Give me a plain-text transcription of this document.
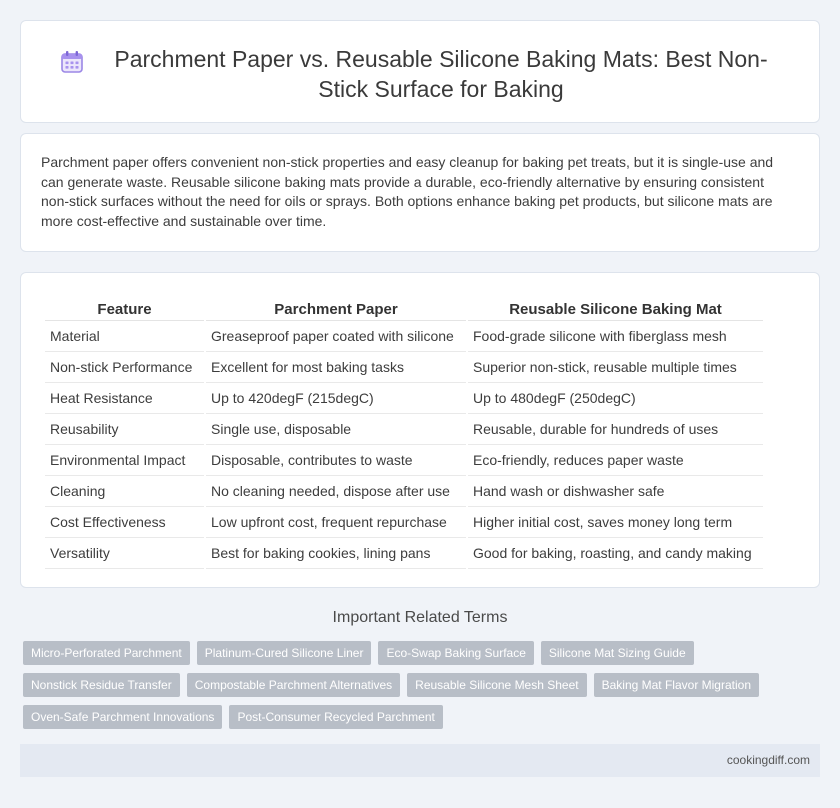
Parchment Paper vs. Reusable Silicone Baking Mats: Best Non-Stick Surface for Baking

Parchment paper offers convenient non-stick properties and easy cleanup for baking pet treats, but it is single-use and can generate waste. Reusable silicone baking mats provide a durable, eco-friendly alternative by ensuring consistent non-stick surfaces without the need for oils or sprays. Both options enhance baking pet products, but silicone mats are more cost-effective and sustainable over time.

Feature	Parchment Paper	Reusable Silicone Baking Mat
Material	Greaseproof paper coated with silicone	Food-grade silicone with fiberglass mesh
Non-stick Performance	Excellent for most baking tasks	Superior non-stick, reusable multiple times
Heat Resistance	Up to 420degF (215degC)	Up to 480degF (250degC)
Reusability	Single use, disposable	Reusable, durable for hundreds of uses
Environmental Impact	Disposable, contributes to waste	Eco-friendly, reduces paper waste
Cleaning	No cleaning needed, dispose after use	Hand wash or dishwasher safe
Cost Effectiveness	Low upfront cost, frequent repurchase	Higher initial cost, saves money long term
Versatility	Best for baking cookies, lining pans	Good for baking, roasting, and candy making
Important Related Terms
Micro-Perforated Parchment	Platinum-Cured Silicone Liner	Eco-Swap Baking Surface	Silicone Mat Sizing Guide
Nonstick Residue Transfer	Compostable Parchment Alternatives	Reusable Silicone Mesh Sheet	Baking Mat Flavor Migration
Oven-Safe Parchment Innovations	Post-Consumer Recycled Parchment
cookingdiff.com
